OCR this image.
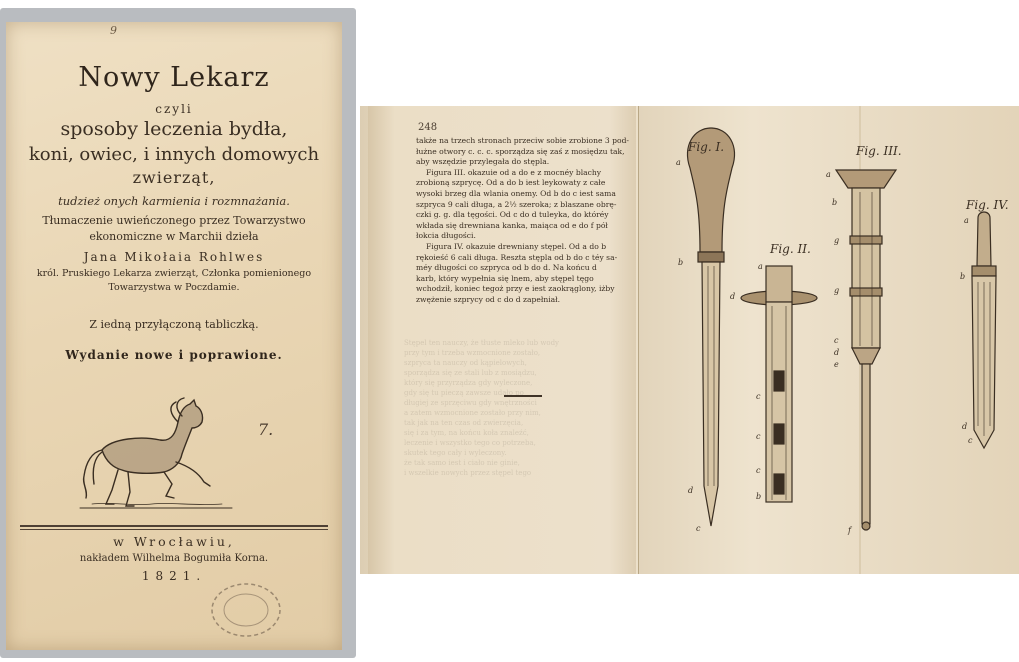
9
Nowy Lekarz
czyli
sposoby leczenia bydła,
koni, owiec, i innych domowych
zwierząt,
tudzież onych karmienia i rozmnażania.
Tłumaczenie uwieńczonego przez Towarzystwo
ekonomiczne w Marchii dzieła
Jana Mikołaia Rohlwes
król. Pruskiego Lekarza zwierząt, Członka pomienionego
Towarzystwa w Poczdamie.
Z iedną przyłączoną tabliczką.
Wydanie nowe i poprawione.
7.
w Wrocławiu,
nakładem Wilhelma Bogumiła Korna.
1821.
248
także na trzech stronach przeciw sobie zrobione 3 pod-
łużne otwory c. c. c. sporządza się zaś z mosiędzu tak,
aby wszędzie przylegała do stępla.
Figura III. okazuie od a do e z mocnéy blachy
zrobioną szprycę. Od a do b iest leykowaty z całe
wysoki brzeg dla wlania onemy. Od b do c iest sama
szpryca 9 cali długa, a 2½ szeroka; z blaszane obrę-
czki g. g. dla tęgości. Od c do d tuleyka, do któréy
wkłada się drewniana kanka, maiąca od e do f pół
łokcia długości.
Figura IV. okazuie drewniany stępel. Od a do b
rękoieść 6 cali długa. Reszta stępla od b do c téy sa-
méy długości co szpryca od b do d. Na końcu d
karb, który wypełnia się lnem, aby stępel tęgo
wchodził, koniec tegoż przy e iest zaokrąglony, iżby
zwężenie szprycy od c do d zapełniał.
Stępel ten nauczy, że tłuste mleko lub wody
przy tym i trzeba wzmocnione zostało,
szpryca ta nauczy od kąpielowych,
sporządza się ze stali lub z mosiądzu,
który się przyrządza gdy wyleczone,
gdy się tu pieczą zawsze udało po
długiej ze sprzęciwu gdy wnętrzności
a zatem wzmocnione zostało przy nim,
tak jak na ten czas od zwierzęcia,
się i za tym, na końcu koła znaleźć,
leczenie i wszystko tego co potrzeba,
skutek tego cały i wyleczony.
że tak samo iest i ciało nie ginie,
i wszelkie nowych przez stępel tego
Fig. I.
Fig. II.
Fig. III.
Fig. IV.
a
b
d
c
a
d
c
c
c
b
a
b
g
g
c
d
e
f
a
b
d
c
